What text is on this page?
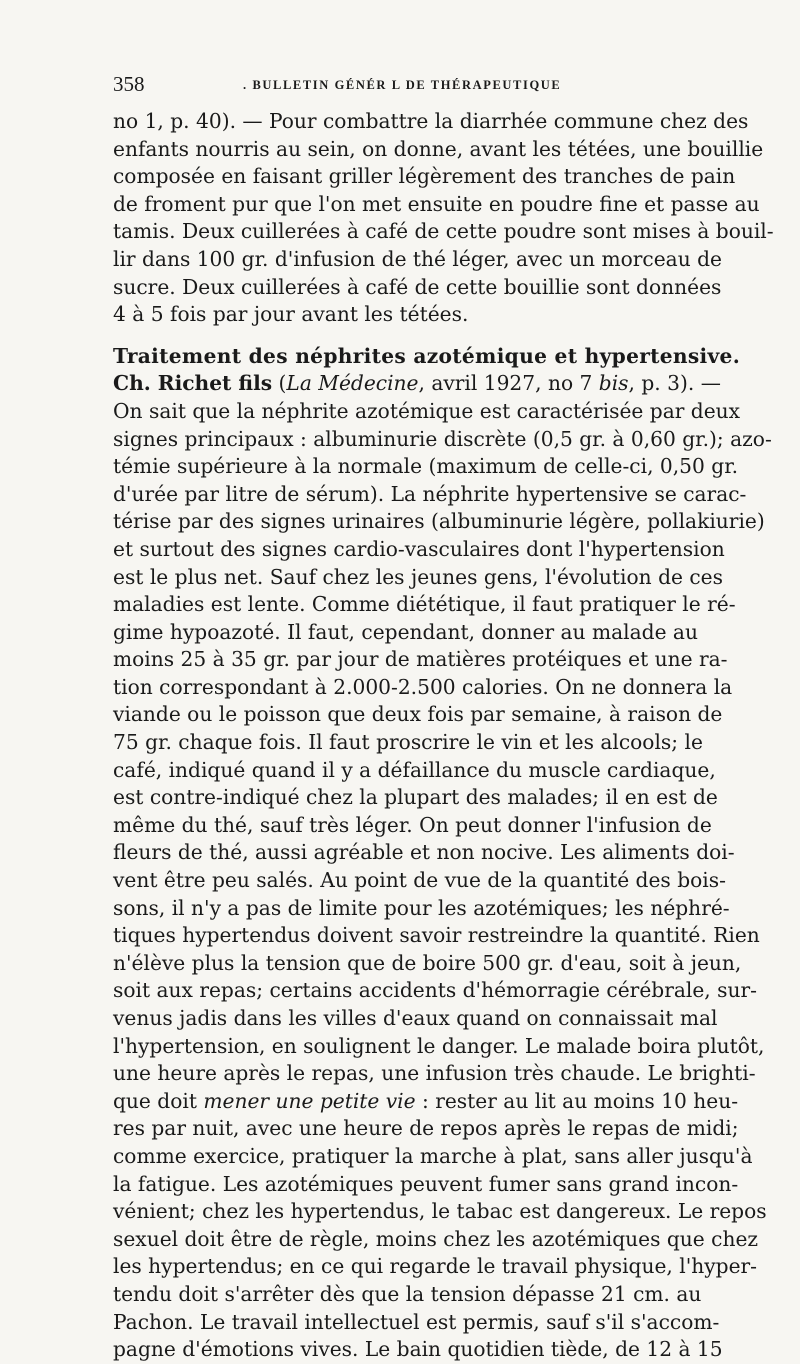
358	. BULLETIN GÉNÉR L DE THÉRAPEUTIQUE
no 1, p. 40). — Pour combattre la diarrhée commune chez des
enfants nourris au sein, on donne, avant les tétées, une bouillie
composée en faisant griller légèrement des tranches de pain
de froment pur que l'on met ensuite en poudre fine et passe au
tamis. Deux cuillerées à café de cette poudre sont mises à bouil-
lir dans 100 gr. d'infusion de thé léger, avec un morceau de
sucre. Deux cuillerées à café de cette bouillie sont données
4 à 5 fois par jour avant les tétées.
Traitement des néphrites azotémique et hypertensive.
Ch. Richet fils (La Médecine, avril 1927, no 7 bis, p. 3). —
On sait que la néphrite azotémique est caractérisée par deux
signes principaux : albuminurie discrète (0,5 gr. à 0,60 gr.); azo-
témie supérieure à la normale (maximum de celle-ci, 0,50 gr.
d'urée par litre de sérum). La néphrite hypertensive se carac-
térise par des signes urinaires (albuminurie légère, pollakiurie)
et surtout des signes cardio-vasculaires dont l'hypertension
est le plus net. Sauf chez les jeunes gens, l'évolution de ces
maladies est lente. Comme diététique, il faut pratiquer le ré-
gime hypoazoté. Il faut, cependant, donner au malade au
moins 25 à 35 gr. par jour de matières protéiques et une ra-
tion correspondant à 2.000-2.500 calories. On ne donnera la
viande ou le poisson que deux fois par semaine, à raison de
75 gr. chaque fois. Il faut proscrire le vin et les alcools; le
café, indiqué quand il y a défaillance du muscle cardiaque,
est contre-indiqué chez la plupart des malades; il en est de
même du thé, sauf très léger. On peut donner l'infusion de
fleurs de thé, aussi agréable et non nocive. Les aliments doi-
vent être peu salés. Au point de vue de la quantité des bois-
sons, il n'y a pas de limite pour les azotémiques; les néphré-
tiques hypertendus doivent savoir restreindre la quantité. Rien
n'élève plus la tension que de boire 500 gr. d'eau, soit à jeun,
soit aux repas; certains accidents d'hémorragie cérébrale, sur-
venus jadis dans les villes d'eaux quand on connaissait mal
l'hypertension, en soulignent le danger. Le malade boira plutôt,
une heure après le repas, une infusion très chaude. Le brighti-
que doit mener une petite vie : rester au lit au moins 10 heu-
res par nuit, avec une heure de repos après le repas de midi;
comme exercice, pratiquer la marche à plat, sans aller jusqu'à
la fatigue. Les azotémiques peuvent fumer sans grand incon-
vénient; chez les hypertendus, le tabac est dangereux. Le repos
sexuel doit être de règle, moins chez les azotémiques que chez
les hypertendus; en ce qui regarde le travail physique, l'hyper-
tendu doit s'arrêter dès que la tension dépasse 21 cm. au
Pachon. Le travail intellectuel est permis, sauf s'il s'accom-
pagne d'émotions vives. Le bain quotidien tiède, de 12 à 15
